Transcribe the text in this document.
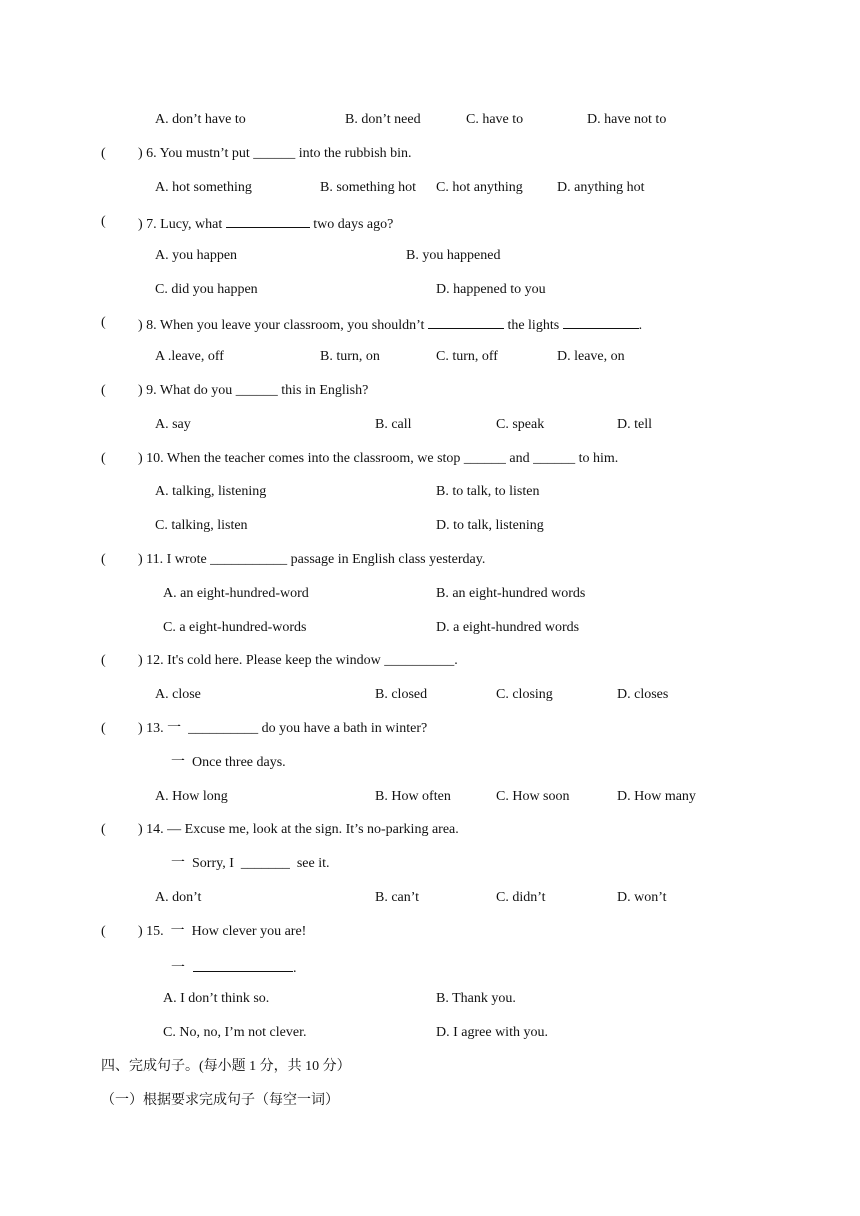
A. don’t have to	B. don’t need	C. have to	D. have not to
( ) 6. You mustn’t put ______ into the rubbish bin.
A. hot something	B. something hot C. hot anything D. anything hot
( ) 7. Lucy, what	two days ago?
A. you happen	B. you happened
C. did you happen	D. happened to you
( ) 8. When you leave your classroom, you shouldn’t	the lights	.
A .leave, off	B. turn, on	C. turn, off	D. leave, on
( ) 9. What do you ______ this in English?
A. say	B. call	C. speak	D. tell
( ) 10. When the teacher comes into the classroom, we stop ______ and ______ to him.
A. talking, listening	B. to talk, to listen
C. talking, listen	D. to talk, listening
( ) 11. I wrote ___________ passage in English class yesterday.
A. an eight-hundred-word	B. an eight-hundred words
C. a eight-hundred-words	D. a eight-hundred words
( ) 12. It's cold here. Please keep the window __________.
A. close	B. closed	C. closing	D. closes
( ) 13. 一  __________ do you have a bath in winter?
一  Once three days.
A. How long	B. How often	C. How soon	D. How many
( ) 14. — Excuse me, look at the sign. It’s no-parking area.
一  Sorry, I  _______  see it.
A. don’t	B. can’t	C. didn’t	D. won’t
( ) 15.  一  How clever you are!
一	.
A. I don’t think so.	B. Thank you.
C. No, no, I’m not clever.	D. I agree with you.
四、完成句子。(每小题 1 分，共 10 分）
（一）根据要求完成句子（每空一词）
